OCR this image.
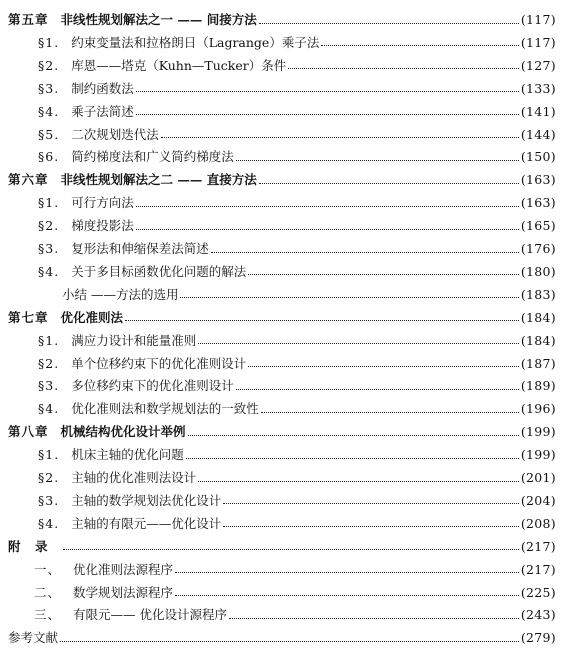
第五章 非线性规划解法之一 —— 间接方法	(117)
§1. 约束变量法和拉格朗日（Lagrange）乘子法	(117)
§2. 库恩——塔克（Kuhn—Tucker）条件	(127)
§3. 制约函数法	(133)
§4. 乘子法简述	(141)
§5. 二次规划迭代法	(144)
§6. 简约梯度法和广义简约梯度法	(150)
第六章 非线性规划解法之二 —— 直接方法	(163)
§1. 可行方向法	(163)
§2. 梯度投影法	(165)
§3. 复形法和伸缩保差法简述	(176)
§4. 关于多目标函数优化问题的解法	(180)
小结 ——方法的选用	(183)
第七章 优化准则法	(184)
§1. 满应力设计和能量准则	(184)
§2. 单个位移约束下的优化准则设计	(187)
§3. 多位移约束下的优化准则设计	(189)
§4. 优化准则法和数学规划法的一致性	(196)
第八章 机械结构优化设计举例	(199)
§1. 机床主轴的优化问题	(199)
§2. 主轴的优化准则法设计	(201)
§3. 主轴的数学规划法优化设计	(204)
§4. 主轴的有限元——优化设计	(208)
附　录	(217)
一、 优化准则法源程序	(217)
二、 数学规划法源程序	(225)
三、 有限元—— 优化设计源程序	(243)
参考文献	(279)
